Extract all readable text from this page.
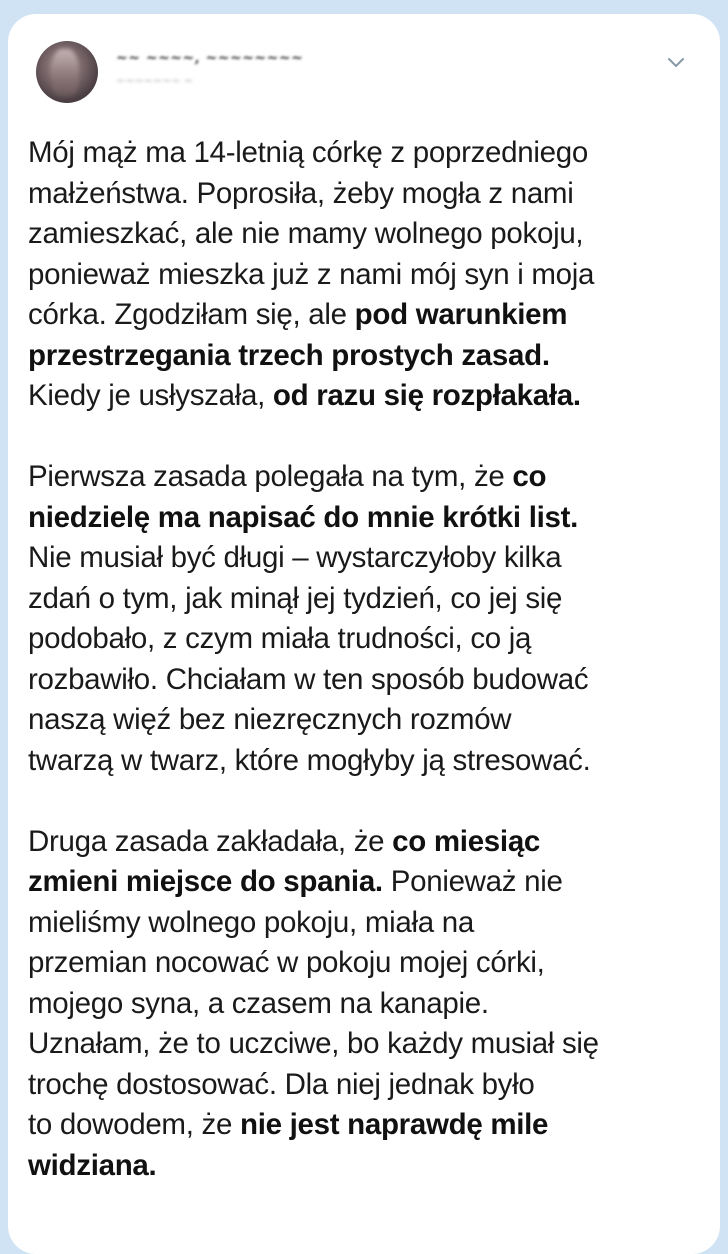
~~ ~~~~, ~~~~~~~~
~~~~~~~ ~

Mój mąż ma 14-letnią córkę z poprzedniego
małżeństwa. Poprosiła, żeby mogła z nami
zamieszkać, ale nie mamy wolnego pokoju,
ponieważ mieszka już z nami mój syn i moja
córka. Zgodziłam się, ale pod warunkiem
przestrzegania trzech prostych zasad.
Kiedy je usłyszała, od razu się rozpłakała.

Pierwsza zasada polegała na tym, że co
niedzielę ma napisać do mnie krótki list.
Nie musiał być długi – wystarczyłoby kilka
zdań o tym, jak minął jej tydzień, co jej się
podobało, z czym miała trudności, co ją
rozbawiło. Chciałam w ten sposób budować
naszą więź bez niezręcznych rozmów
twarzą w twarz, które mogłyby ją stresować.

Druga zasada zakładała, że co miesiąc
zmieni miejsce do spania. Ponieważ nie
mieliśmy wolnego pokoju, miała na
przemian nocować w pokoju mojej córki,
mojego syna, a czasem na kanapie.
Uznałam, że to uczciwe, bo każdy musiał się
trochę dostosować. Dla niej jednak było
to dowodem, że nie jest naprawdę mile
widziana.
